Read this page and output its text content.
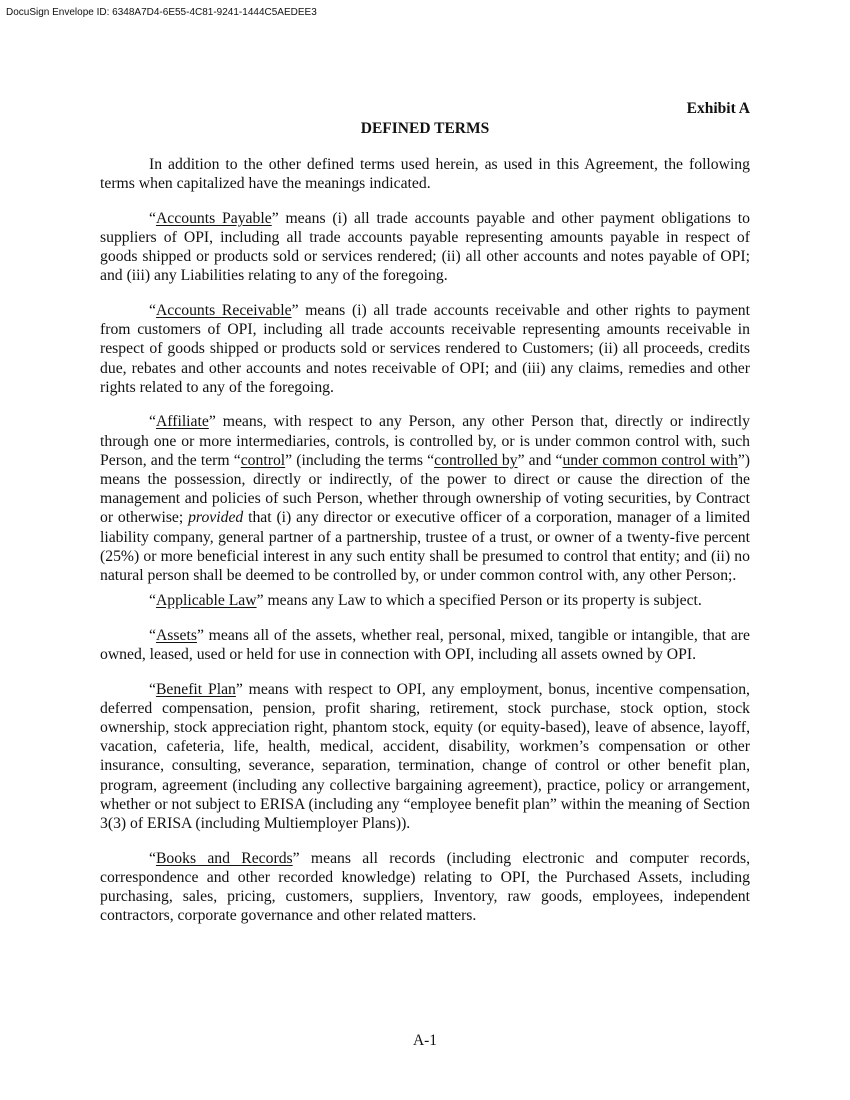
DocuSign Envelope ID: 6348A7D4-6E55-4C81-9241-1444C5AEDEE3
Exhibit A
DEFINED TERMS

In addition to the other defined terms used herein, as used in this Agreement, the following terms when capitalized have the meanings indicated.

“Accounts Payable” means (i) all trade accounts payable and other payment obligations to suppliers of OPI, including all trade accounts payable representing amounts payable in respect of goods shipped or products sold or services rendered; (ii) all other accounts and notes payable of OPI; and (iii) any Liabilities relating to any of the foregoing.

“Accounts Receivable” means (i) all trade accounts receivable and other rights to payment from customers of OPI, including all trade accounts receivable representing amounts receivable in respect of goods shipped or products sold or services rendered to Customers; (ii) all proceeds, credits due, rebates and other accounts and notes receivable of OPI; and (iii) any claims, remedies and other rights related to any of the foregoing.

“Affiliate” means, with respect to any Person, any other Person that, directly or indirectly through one or more intermediaries, controls, is controlled by, or is under common control with, such Person, and the term “control” (including the terms “controlled by” and “under common control with”) means the possession, directly or indirectly, of the power to direct or cause the direction of the management and policies of such Person, whether through ownership of voting securities, by Contract or otherwise; provided that (i) any director or executive officer of a corporation, manager of a limited liability company, general partner of a partnership, trustee of a trust, or owner of a twenty-five percent (25%) or more beneficial interest in any such entity shall be presumed to control that entity; and (ii) no natural person shall be deemed to be controlled by, or under common control with, any other Person;.

“Applicable Law” means any Law to which a specified Person or its property is subject.

“Assets” means all of the assets, whether real, personal, mixed, tangible or intangible, that are owned, leased, used or held for use in connection with OPI, including all assets owned by OPI.

“Benefit Plan” means with respect to OPI, any employment, bonus, incentive compensation, deferred compensation, pension, profit sharing, retirement, stock purchase, stock option, stock ownership, stock appreciation right, phantom stock, equity (or equity-based), leave of absence, layoff, vacation, cafeteria, life, health, medical, accident, disability, workmen’s compensation or other insurance, consulting, severance, separation, termination, change of control or other benefit plan, program, agreement (including any collective bargaining agreement), practice, policy or arrangement, whether or not subject to ERISA (including any “employee benefit plan” within the meaning of Section 3(3) of ERISA (including Multiemployer Plans)).

“Books and Records” means all records (including electronic and computer records, correspondence and other recorded knowledge) relating to OPI, the Purchased Assets, including purchasing, sales, pricing, customers, suppliers, Inventory, raw goods, employees, independent contractors, corporate governance and other related matters.

A-1
